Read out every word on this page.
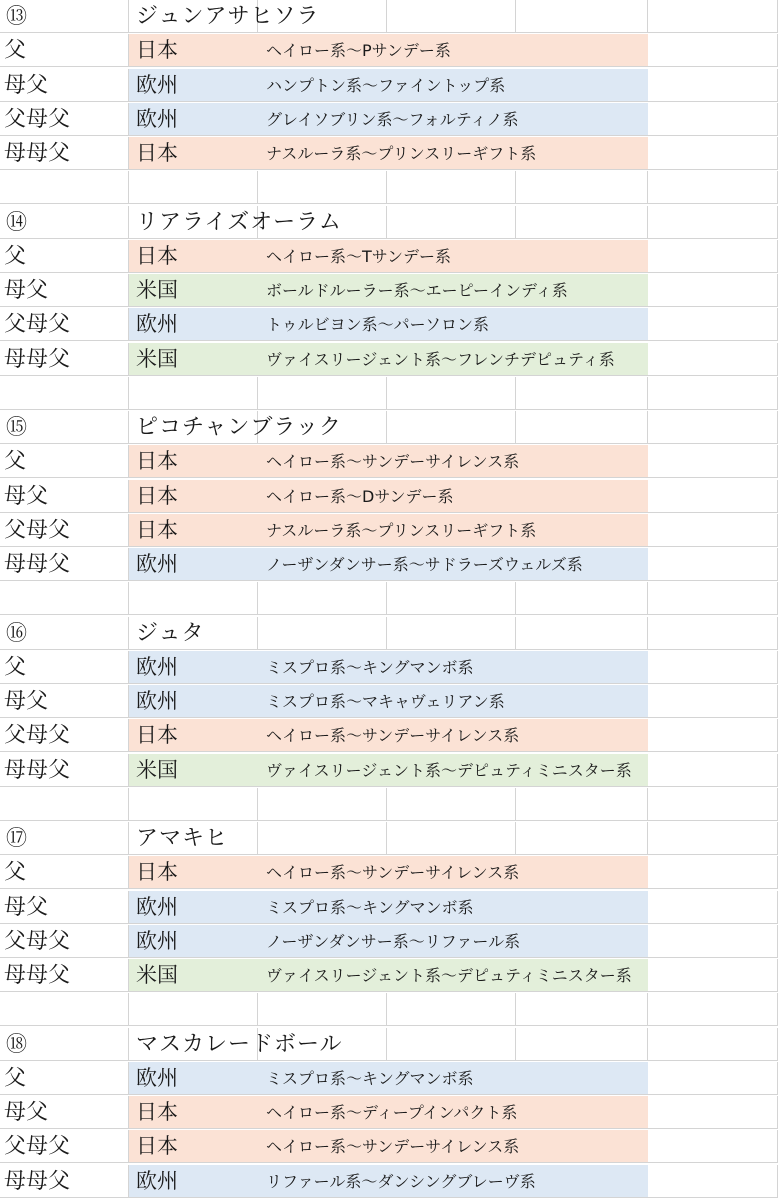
⑬	ジュンアサヒソラ
父	日本	ヘイロー系〜Pサンデー系
母父	欧州	ハンプトン系〜ファイントップ系
父母父	欧州	グレイソブリン系〜フォルティノ系
母母父	日本	ナスルーラ系〜プリンスリーギフト系
⑭	リアライズオーラム
父	日本	ヘイロー系〜Tサンデー系
母父	米国	ボールドルーラー系〜エーピーインディ系
父母父	欧州	トゥルビヨン系〜パーソロン系
母母父	米国	ヴァイスリージェント系〜フレンチデピュティ系
⑮	ピコチャンブラック
父	日本	ヘイロー系〜サンデーサイレンス系
母父	日本	ヘイロー系〜Dサンデー系
父母父	日本	ナスルーラ系〜プリンスリーギフト系
母母父	欧州	ノーザンダンサー系〜サドラーズウェルズ系
⑯	ジュタ
父	欧州	ミスプロ系〜キングマンボ系
母父	欧州	ミスプロ系〜マキャヴェリアン系
父母父	日本	ヘイロー系〜サンデーサイレンス系
母母父	米国	ヴァイスリージェント系〜デピュティミニスター系
⑰	アマキヒ
父	日本	ヘイロー系〜サンデーサイレンス系
母父	欧州	ミスプロ系〜キングマンボ系
父母父	欧州	ノーザンダンサー系〜リファール系
母母父	米国	ヴァイスリージェント系〜デピュティミニスター系
⑱	マスカレードボール
父	欧州	ミスプロ系〜キングマンボ系
母父	日本	ヘイロー系〜ディープインパクト系
父母父	日本	ヘイロー系〜サンデーサイレンス系
母母父	欧州	リファール系〜ダンシングブレーヴ系
